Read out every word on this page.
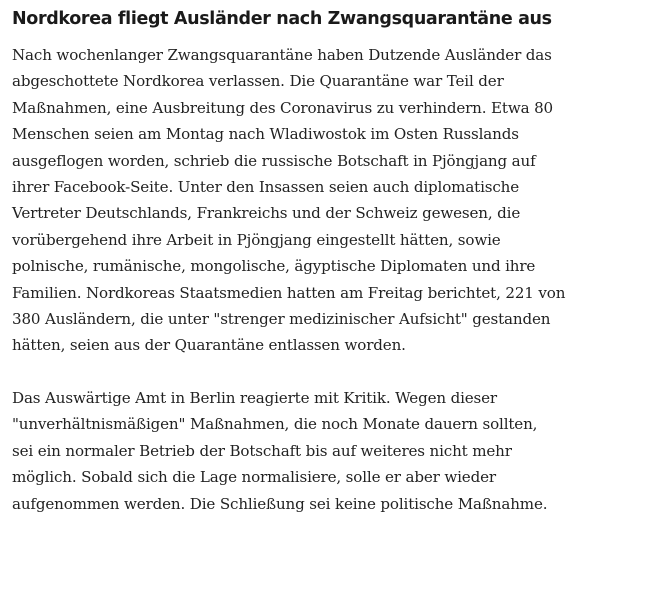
Nordkorea fliegt Ausländer nach Zwangsquarantäne aus

Nach wochenlanger Zwangsquarantäne haben Dutzende Ausländer das
abgeschottete Nordkorea verlassen. Die Quarantäne war Teil der
Maßnahmen, eine Ausbreitung des Coronavirus zu verhindern. Etwa 80
Menschen seien am Montag nach Wladiwostok im Osten Russlands
ausgeflogen worden, schrieb die russische Botschaft in Pjöngjang auf
ihrer Facebook-Seite. Unter den Insassen seien auch diplomatische
Vertreter Deutschlands, Frankreichs und der Schweiz gewesen, die
vorübergehend ihre Arbeit in Pjöngjang eingestellt hätten, sowie
polnische, rumänische, mongolische, ägyptische Diplomaten und ihre
Familien. Nordkoreas Staatsmedien hatten am Freitag berichtet, 221 von
380 Ausländern, die unter "strenger medizinischer Aufsicht" gestanden
hätten, seien aus der Quarantäne entlassen worden.

Das Auswärtige Amt in Berlin reagierte mit Kritik. Wegen dieser
"unverhältnismäßigen" Maßnahmen, die noch Monate dauern sollten,
sei ein normaler Betrieb der Botschaft bis auf weiteres nicht mehr
möglich. Sobald sich die Lage normalisiere, solle er aber wieder
aufgenommen werden. Die Schließung sei keine politische Maßnahme.
